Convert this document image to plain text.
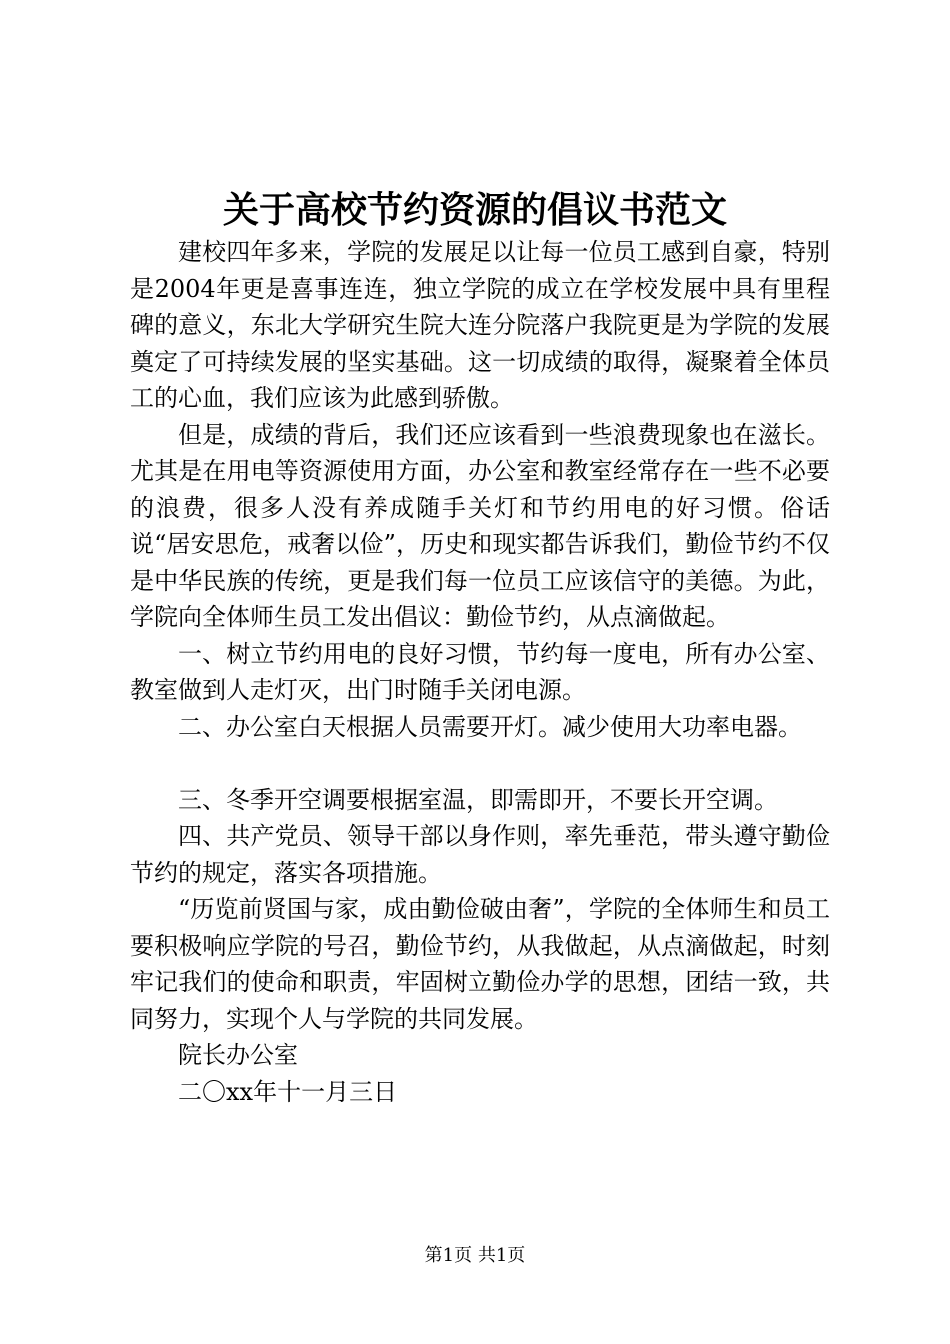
关于高校节约资源的倡议书范文

建校四年多来，学院的发展足以让每一位员工感到自豪，特别是2004年更是喜事连连，独立学院的成立在学校发展中具有里程碑的意义，东北大学研究生院大连分院落户我院更是为学院的发展奠定了可持续发展的坚实基础。这一切成绩的取得，凝聚着全体员工的心血，我们应该为此感到骄傲。

但是，成绩的背后，我们还应该看到一些浪费现象也在滋长。尤其是在用电等资源使用方面，办公室和教室经常存在一些不必要的浪费，很多人没有养成随手关灯和节约用电的好习惯。俗话说“居安思危，戒奢以俭”，历史和现实都告诉我们，勤俭节约不仅是中华民族的传统，更是我们每一位员工应该信守的美德。为此，学院向全体师生员工发出倡议：勤俭节约，从点滴做起。

一、树立节约用电的良好习惯，节约每一度电，所有办公室、教室做到人走灯灭，出门时随手关闭电源。

二、办公室白天根据人员需要开灯。减少使用大功率电器。

三、冬季开空调要根据室温，即需即开，不要长开空调。

四、共产党员、领导干部以身作则，率先垂范，带头遵守勤俭节约的规定，落实各项措施。

“历览前贤国与家，成由勤俭破由奢”，学院的全体师生和员工要积极响应学院的号召，勤俭节约，从我做起，从点滴做起，时刻牢记我们的使命和职责，牢固树立勤俭办学的思想，团结一致，共同努力，实现个人与学院的共同发展。

院长办公室

二〇xx年十一月三日

第1页 共1页
